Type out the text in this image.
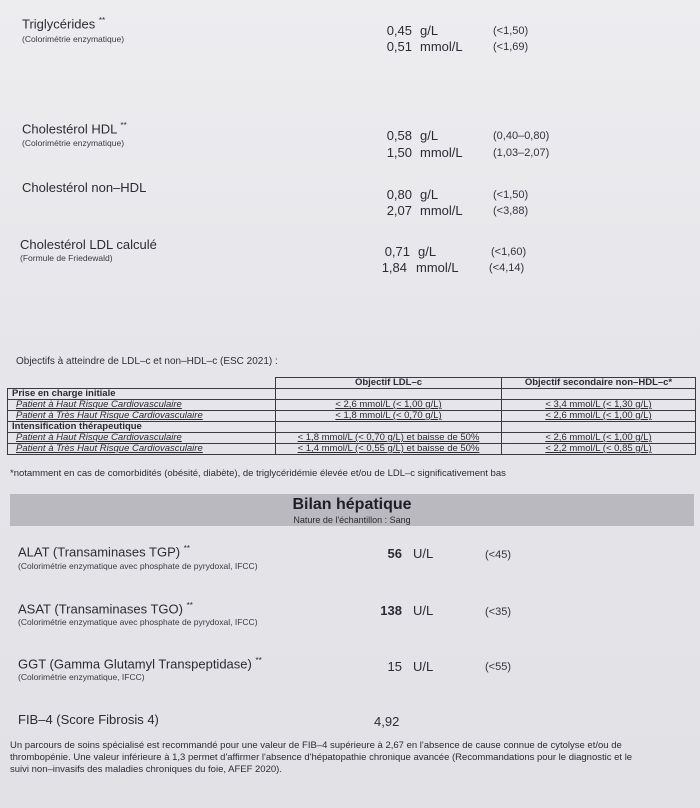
Triglycérides **
(Colorimétrie enzymatique)
0,45 g/L	(<1,50)
0,51 mmol/L	(<1,69)
Cholestérol HDL **
(Colorimétrie enzymatique)	0,58 g/L	(0,40–0,80)
1,50 mmol/L	(1,03–2,07)
Cholestérol non–HDL	0,80 g/L	(<1,50)
2,07 mmol/L	(<3,88)
Cholestérol LDL calculé
(Formule de Friedewald)	0,71 g/L	(<1,60)
1,84 mmol/L	(<4,14)
Objectifs à atteindre de LDL–c et non–HDL–c (ESC 2021) :
	Objectif LDL–c	Objectif secondaire non–HDL–c*
Prise en charge initiale		
Patient à Haut Risque Cardiovasculaire	< 2,6 mmol/L (< 1,00 g/L)	< 3,4 mmol/L (< 1,30 g/L)
Patient à Très Haut Risque Cardiovasculaire	< 1,8 mmol/L (< 0,70 g/L)	< 2,6 mmol/L (< 1,00 g/L)
Intensification thérapeutique		
Patient à Haut Risque Cardiovasculaire	< 1,8 mmol/L (< 0,70 g/L) et baisse de 50%	< 2,6 mmol/L (< 1,00 g/L)
Patient à Très Haut Risque Cardiovasculaire	< 1,4 mmol/L (< 0,55 g/L) et baisse de 50%	< 2,2 mmol/L (< 0,85 g/L)
*notamment en cas de comorbidités (obésité, diabète), de triglycéridémie élevée et/ou de LDL–c significativement bas
Bilan hépatique
Nature de l'échantillon : Sang
ALAT (Transaminases TGP) **
(Colorimétrie enzymatique avec phosphate de pyrydoxal, IFCC)
56 U/L	(<45)
ASAT (Transaminases TGO) **
(Colorimétrie enzymatique avec phosphate de pyrydoxal, IFCC)
138 U/L	(<35)
GGT (Gamma Glutamyl Transpeptidase) **
(Colorimétrie enzymatique, IFCC)
15 U/L	(<55)
FIB–4 (Score Fibrosis 4)	4,92
Un parcours de soins spécialisé est recommandé pour une valeur de FIB–4 supérieure à 2,67 en l'absence de cause connue de cytolyse et/ou de
thrombopénie. Une valeur inférieure à 1,3 permet d'affirmer l'absence d'hépatopathie chronique avancée (Recommandations pour le diagnostic et le
suivi non–invasifs des maladies chroniques du foie, AFEF 2020).
